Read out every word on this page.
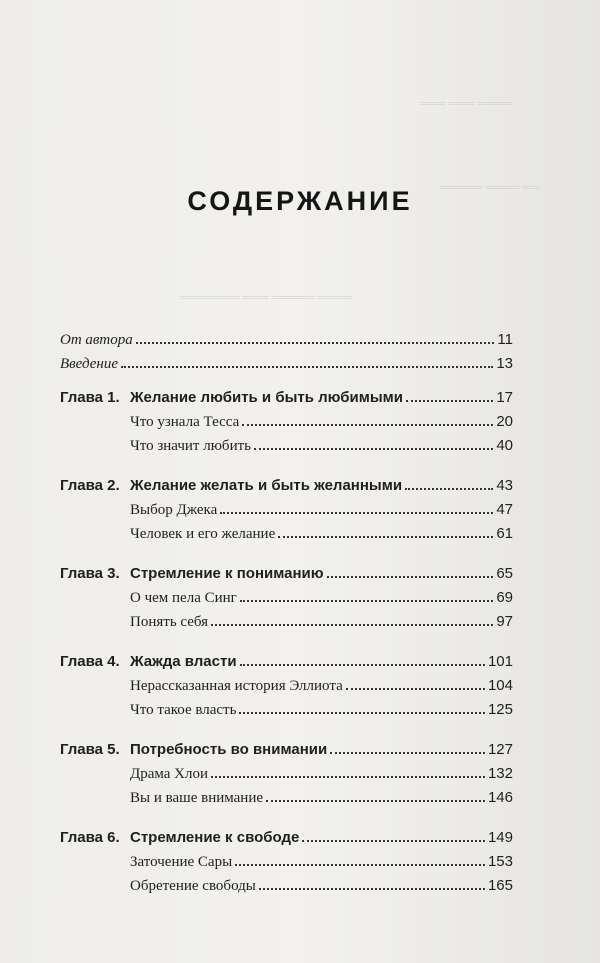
═══ ═══ ════
═════ ════ ══
═══════ ═══ ═════ ════
СОДЕРЖАНИЕ
От автора	11
Введение	13
Глава 1. Желание любить и быть любимыми	17
Что узнала Тесса	20
Что значит любить	40
Глава 2. Желание желать и быть желанными	43
Выбор Джека	47
Человек и его желание	61
Глава 3. Стремление к пониманию	65
О чем пела Синг	69
Понять себя	97
Глава 4. Жажда власти	101
Нерассказанная история Эллиота	104
Что такое власть	125
Глава 5. Потребность во внимании	127
Драма Хлои	132
Вы и ваше внимание	146
Глава 6. Стремление к свободе	149
Заточение Сары	153
Обретение свободы	165
